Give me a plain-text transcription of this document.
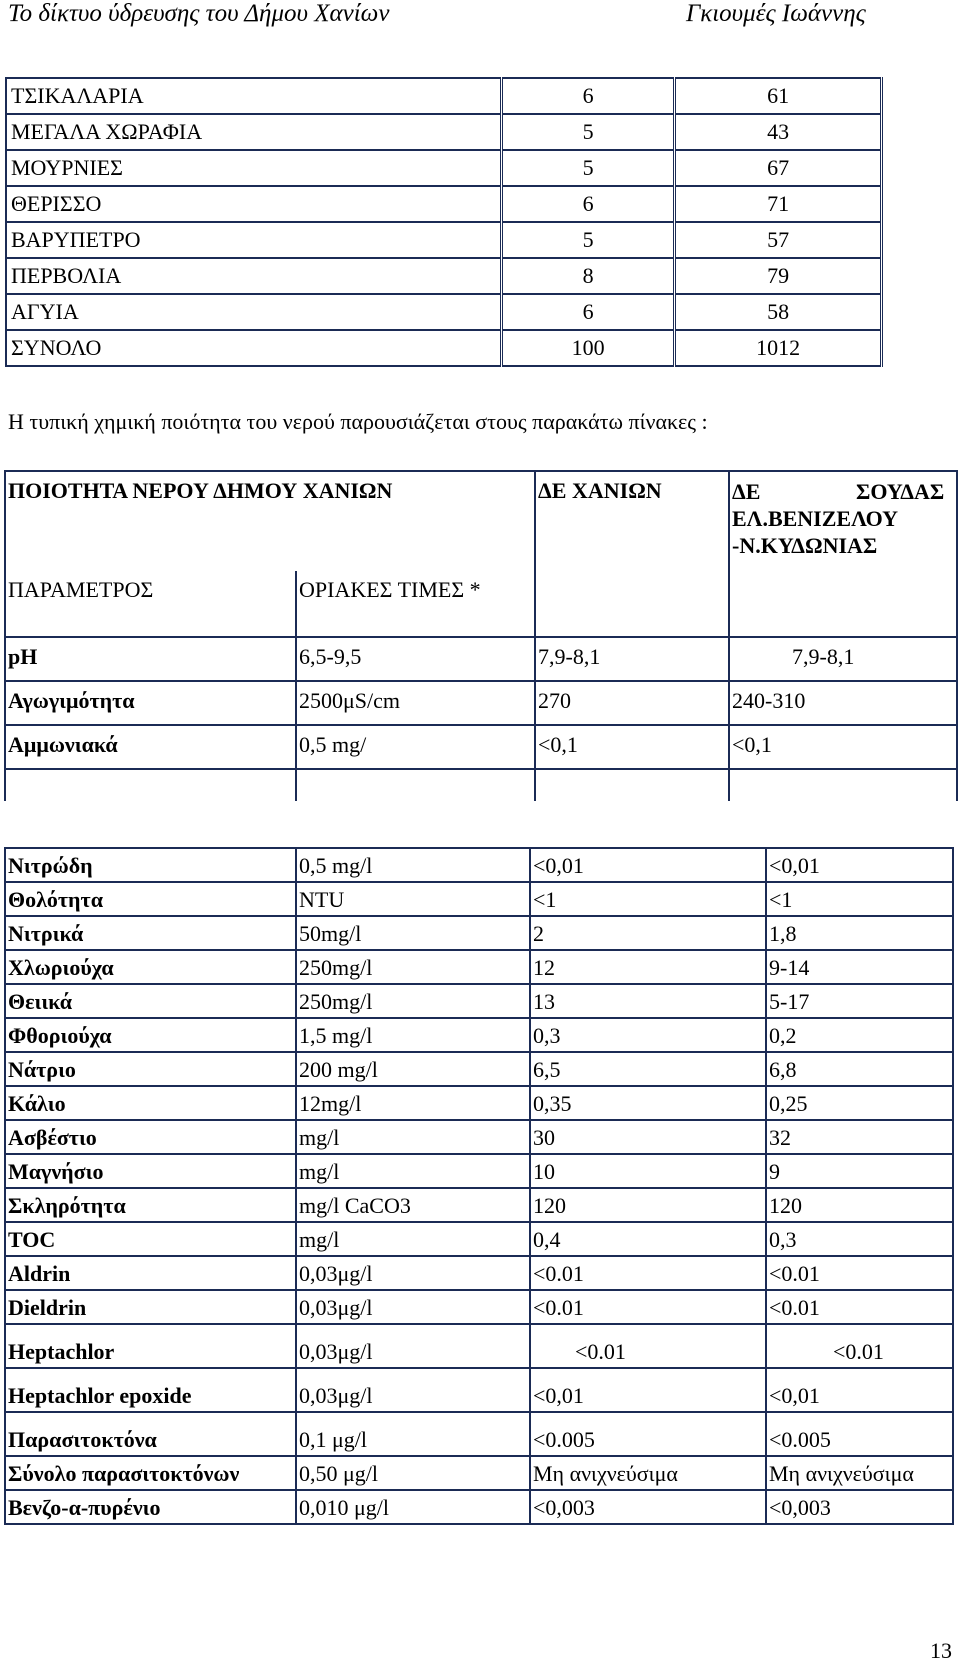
Το δίκτυο ύδρευσης του Δήμου Χανίων	Γκιουμές Ιωάννης
ΤΣΙΚΑΛΑΡΙΑ	6	61
ΜΕΓΑΛΑ ΧΩΡΑΦΙΑ	5	43
ΜΟΥΡΝΙΕΣ	5	67
ΘΕΡΙΣΣΟ	6	71
ΒΑΡΥΠΕΤΡΟ	5	57
ΠΕΡΒΟΛΙΑ	8	79
ΑΓΥΙΑ	6	58
ΣΥΝΟΛΟ	100	1012
Η τυπική χημική ποιότητα του νερού παρουσιάζεται στους παρακάτω πίνακες :
ΠΟΙΟΤΗΤΑ ΝΕΡΟΥ ΔΗΜΟΥ ΧΑΝΙΩΝ		ΔΕ ΧΑΝΙΩΝ	ΔΕ ΣΟΥΔΑΣ
ΕΛ.ΒΕΝΙΖΕΛΟΥ
-Ν.ΚΥΔΩΝΙΑΣ

ΠΑΡΑΜΕΤΡΟΣ	ΟΡΙΑΚΕΣ ΤΙΜΕΣ *		
pH	6,5-9,5	7,9-8,1	7,9-8,1
Αγωγιμότητα	2500μS/cm	270	240-310
Αμμωνιακά	0,5 mg/	<0,1	<0,1

Νιτρώδη	0,5 mg/l	<0,01	<0,01
Θολότητα	NTU	<1	<1
Νιτρικά	50mg/l	2	1,8
Χλωριούχα	250mg/l	12	9-14
Θειικά	250mg/l	13	5-17
Φθοριούχα	1,5 mg/l	0,3	0,2
Νάτριο	200 mg/l	6,5	6,8
Κάλιο	12mg/l	0,35	0,25
Ασβέστιο	mg/l	30	32
Μαγνήσιο	mg/l	10	9
Σκληρότητα	mg/l CaCO3	120	120
TOC	mg/l	0,4	0,3
Aldrin	0,03μg/l	<0.01	<0.01
Dieldrin	0,03μg/l	<0.01	<0.01
Heptachlor	0,03μg/l	<0.01	<0.01
Heptachlor epoxide	0,03μg/l	<0,01	<0,01
Παρασιτοκτόνα	0,1 μg/l	<0.005	<0.005
Σύνολο παρασιτοκτόνων	0,50 μg/l	Μη ανιχνεύσιμα	Μη ανιχνεύσιμα
Βενζο-α-πυρένιο	0,010 μg/l	<0,003	<0,003
13
